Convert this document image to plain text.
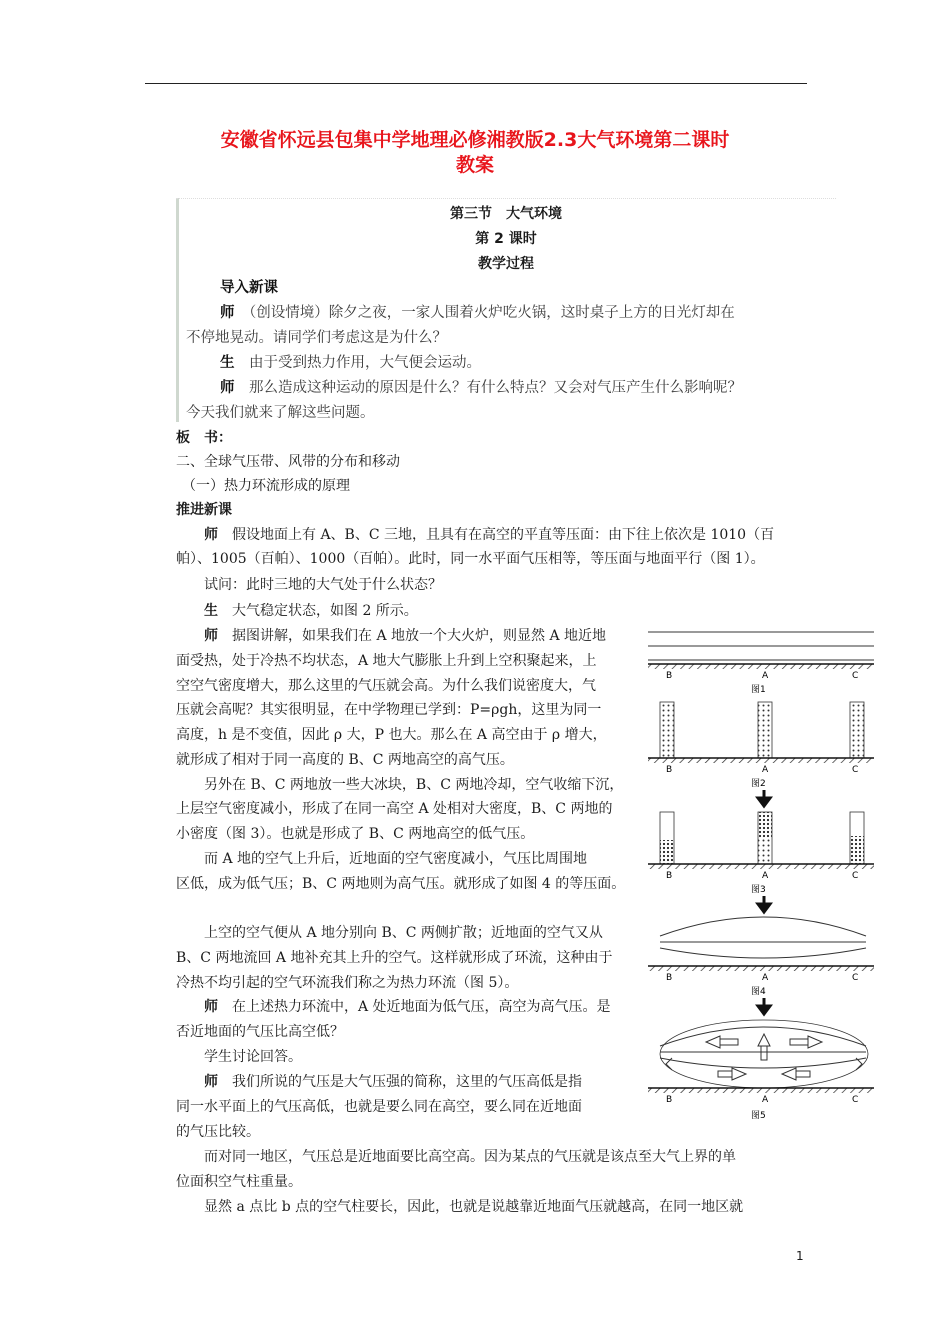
安徽省怀远县包集中学地理必修湘教版2.3大气环境第二课时
教案
第三节　大气环境
第 2 课时
教学过程
导入新课
师　 （创设情境）除夕之夜，一家人围着火炉吃火锅，这时桌子上方的日光灯却在
不停地晃动。请同学们考虑这是为什么？
生　 由于受到热力作用，大气便会运动。
师　 那么造成这种运动的原因是什么？有什么特点？又会对气压产生什么影响呢？
今天我们就来了解这些问题。
板　书：
二、全球气压带、风带的分布和移动
（一）热力环流形成的原理
推进新课
　　师　 假设地面上有 A、B、C 三地，且具有在高空的平直等压面：由下往上依次是 1010（百
帕）、1005（百帕）、1000（百帕）。此时，同一水平面气压相等，等压面与地面平行（图 1）。
试问：此时三地的大气处于什么状态？
　　生　 大气稳定状态，如图 2 所示。
　　师　 据图讲解，如果我们在 A 地放一个大火炉，则显然 A 地近地
面受热，处于冷热不均状态，A 地大气膨胀上升到上空积聚起来，上
空空气密度增大，那么这里的气压就会高。为什么我们说密度大，气
压就会高呢？其实很明显，在中学物理已学到：P=ρgh，这里为同一
高度，h 是不变值，因此 ρ 大，P 也大。那么在 A 高空由于 ρ 增大，
就形成了相对于同一高度的 B、C 两地高空的高气压。
另外在 B、C 两地放一些大冰块，B、C 两地冷却，空气收缩下沉，
上层空气密度减小，形成了在同一高空 A 处相对大密度，B、C 两地的
小密度（图 3）。也就是形成了 B、C 两地高空的低气压。
而 A 地的空气上升后，近地面的空气密度减小，气压比周围地
区低，成为低气压；B、C 两地则为高气压。就形成了如图 4 的等压面。
上空的空气便从 A 地分别向 B、C 两侧扩散；近地面的空气又从
B、C 两地流回 A 地补充其上升的空气。这样就形成了环流，这种由于
冷热不均引起的空气环流我们称之为热力环流（图 5）。
　　师　 在上述热力环流中，A 处近地面为低气压，高空为高气压。是
否近地面的气压比高空低？
学生讨论回答。
　　师　 我们所说的气压是大气压强的简称，这里的气压高低是指
同一水平面上的气压高低，也就是要么同在高空，要么同在近地面
的气压比较。
而对同一地区，气压总是近地面要比高空高。因为某点的气压就是该点至大气上界的单
位面积空气柱重量。
显然 a 点比 b 点的空气柱要长，因此，也就是说越靠近地面气压就越高，在同一地区就
B	A	C
图1
B	A	C
图2
B	A	C
图3
B	A	C
图4
B	A	C
图5
1
